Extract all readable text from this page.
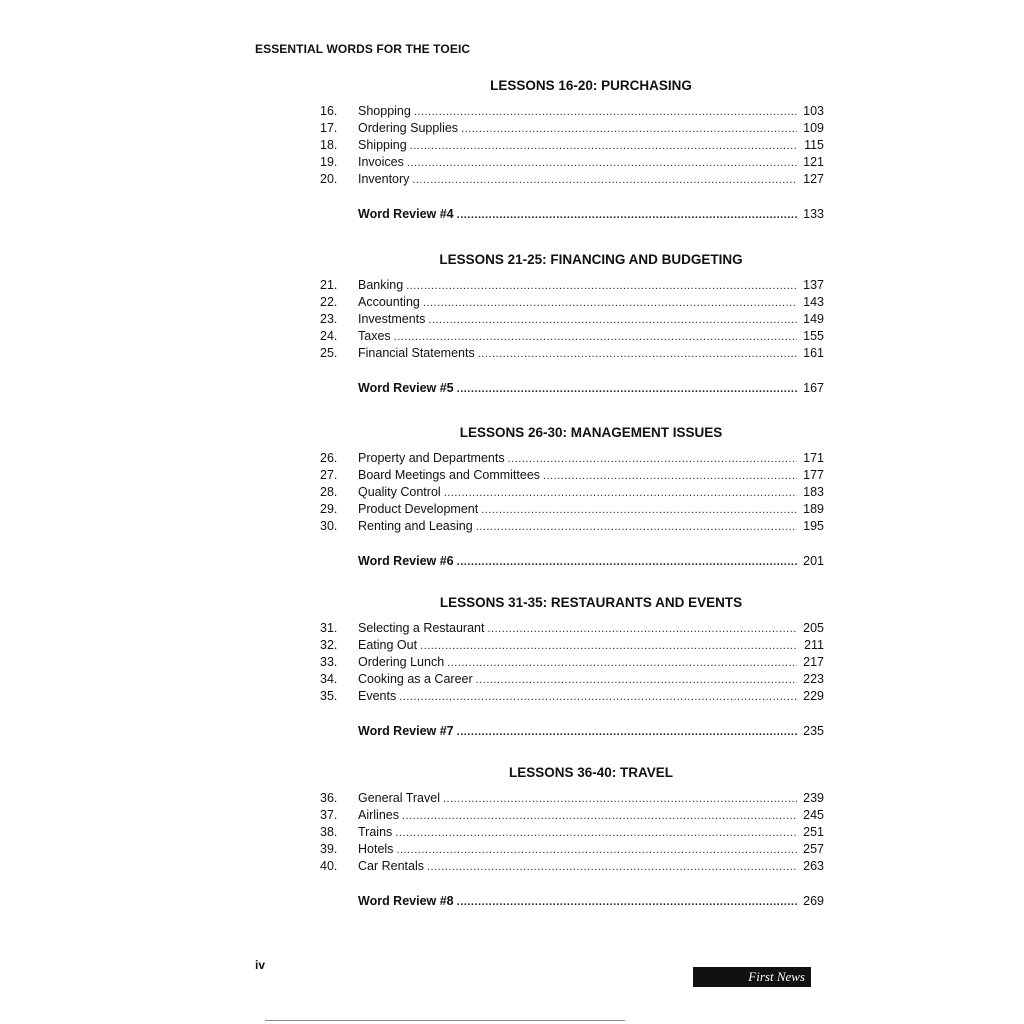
ESSENTIAL WORDS FOR THE TOEIC
LESSONS 16-20: PURCHASING
16.	Shopping .....	103
17.	Ordering Supplies .....	109
18.	Shipping .....	115
19.	Invoices .....	121
20.	Inventory .....	127
Word Review #4 .....	133
LESSONS 21-25: FINANCING AND BUDGETING
21.	Banking .....	137
22.	Accounting .....	143
23.	Investments .....	149
24.	Taxes .....	155
25.	Financial Statements .....	161
Word Review #5 .....	167
LESSONS 26-30: MANAGEMENT ISSUES
26.	Property and Departments .....	171
27.	Board Meetings and Committees .....	177
28.	Quality Control .....	183
29.	Product Development .....	189
30.	Renting and Leasing .....	195
Word Review #6 .....	201
LESSONS 31-35: RESTAURANTS AND EVENTS
31.	Selecting a Restaurant .....	205
32.	Eating Out .....	211
33.	Ordering Lunch .....	217
34.	Cooking as a Career .....	223
35.	Events .....	229
Word Review #7 .....	235
LESSONS 36-40: TRAVEL
36.	General Travel .....	239
37.	Airlines .....	245
38.	Trains .....	251
39.	Hotels .....	257
40.	Car Rentals .....	263
Word Review #8 .....	269
iv
First News
